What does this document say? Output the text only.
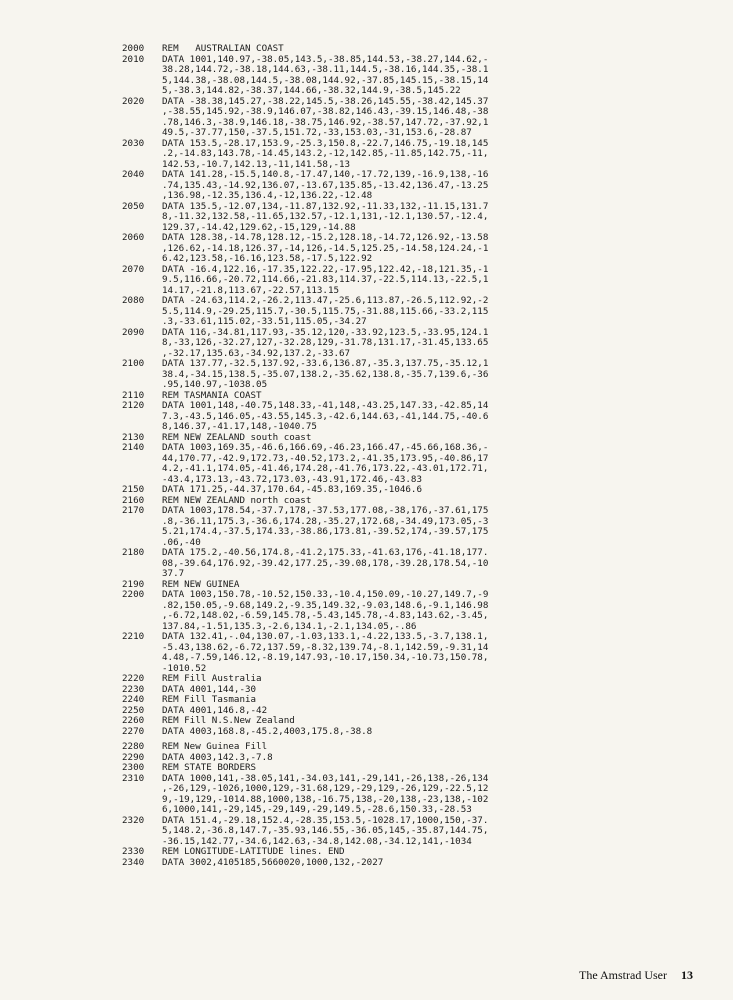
2000	REM   AUSTRALIAN COAST
2010	DATA 1001,140.97,-38.05,143.5,-38.85,144.53,-38.27,144.62,-
38.28,144.72,-38.18,144.63,-38.11,144.5,-38.16,144.35,-38.1
5,144.38,-38.08,144.5,-38.08,144.92,-37.85,145.15,-38.15,14
5,-38.3,144.82,-38.37,144.66,-38.32,144.9,-38.5,145.22
2020	DATA -38.38,145.27,-38.22,145.5,-38.26,145.55,-38.42,145.37
,-38.55,145.92,-38.9,146.07,-38.82,146.43,-39.15,146.48,-38
.78,146.3,-38.9,146.18,-38.75,146.92,-38.57,147.72,-37.92,1
49.5,-37.77,150,-37.5,151.72,-33,153.03,-31,153.6,-28.87
2030	DATA 153.5,-28.17,153.9,-25.3,150.8,-22.7,146.75,-19.18,145
.2,-14.83,143.78,-14.45,143.2,-12,142.85,-11.85,142.75,-11,
142.53,-10.7,142.13,-11,141.58,-13
2040	DATA 141.28,-15.5,140.8,-17.47,140,-17.72,139,-16.9,138,-16
.74,135.43,-14.92,136.07,-13.67,135.85,-13.42,136.47,-13.25
,136.98,-12.35,136.4,-12,136.22,-12.48
2050	DATA 135.5,-12.07,134,-11.87,132.92,-11.33,132,-11.15,131.7
8,-11.32,132.58,-11.65,132.57,-12.1,131,-12.1,130.57,-12.4,
129.37,-14.42,129.62,-15,129,-14.88
2060	DATA 128.38,-14.78,128.12,-15.2,128.18,-14.72,126.92,-13.58
,126.62,-14.18,126.37,-14,126,-14.5,125.25,-14.58,124.24,-1
6.42,123.58,-16.16,123.58,-17.5,122.92
2070	DATA -16.4,122.16,-17.35,122.22,-17.95,122.42,-18,121.35,-1
9.5,116.66,-20.72,114.66,-21.83,114.37,-22.5,114.13,-22.5,1
14.17,-21.8,113.67,-22.57,113.15
2080	DATA -24.63,114.2,-26.2,113.47,-25.6,113.87,-26.5,112.92,-2
5.5,114.9,-29.25,115.7,-30.5,115.75,-31.88,115.66,-33.2,115
.3,-33.61,115.02,-33.51,115.05,-34.27
2090	DATA 116,-34.81,117.93,-35.12,120,-33.92,123.5,-33.95,124.1
8,-33,126,-32.27,127,-32.28,129,-31.78,131.17,-31.45,133.65
,-32.17,135.63,-34.92,137.2,-33.67
2100	DATA 137.77,-32.5,137.92,-33.6,136.87,-35.3,137.75,-35.12,1
38.4,-34.15,138.5,-35.07,138.2,-35.62,138.8,-35.7,139.6,-36
.95,140.97,-1038.05
2110	REM TASMANIA COAST
2120	DATA 1001,148,-40.75,148.33,-41,148,-43.25,147.33,-42.85,14
7.3,-43.5,146.05,-43.55,145.3,-42.6,144.63,-41,144.75,-40.6
8,146.37,-41.17,148,-1040.75
2130	REM NEW ZEALAND south coast
2140	DATA 1003,169.35,-46.6,166.69,-46.23,166.47,-45.66,168.36,-
44,170.77,-42.9,172.73,-40.52,173.2,-41.35,173.95,-40.86,17
4.2,-41.1,174.05,-41.46,174.28,-41.76,173.22,-43.01,172.71,
-43.4,173.13,-43.72,173.03,-43.91,172.46,-43.83
2150	DATA 171.25,-44.37,170.64,-45.83,169.35,-1046.6
2160	REM NEW ZEALAND north coast
2170	DATA 1003,178.54,-37.7,178,-37.53,177.08,-38,176,-37.61,175
.8,-36.11,175.3,-36.6,174.28,-35.27,172.68,-34.49,173.05,-3
5.21,174.4,-37.5,174.33,-38.86,173.81,-39.52,174,-39.57,175
.06,-40
2180	DATA 175.2,-40.56,174.8,-41.2,175.33,-41.63,176,-41.18,177.
08,-39.64,176.92,-39.42,177.25,-39.08,178,-39.28,178.54,-10
37.7
2190	REM NEW GUINEA
2200	DATA 1003,150.78,-10.52,150.33,-10.4,150.09,-10.27,149.7,-9
.82,150.05,-9.68,149.2,-9.35,149.32,-9.03,148.6,-9.1,146.98
,-6.72,148.02,-6.59,145.78,-5.43,145.78,-4.83,143.62,-3.45,
137.84,-1.51,135.3,-2.6,134.1,-2.1,134.05,-.86
2210	DATA 132.41,-.04,130.07,-1.03,133.1,-4.22,133.5,-3.7,138.1,
-5.43,138.62,-6.72,137.59,-8.32,139.74,-8.1,142.59,-9.31,14
4.48,-7.59,146.12,-8.19,147.93,-10.17,150.34,-10.73,150.78,
-1010.52
2220	REM Fill Australia
2230	DATA 4001,144,-30
2240	REM Fill Tasmania
2250	DATA 4001,146.8,-42
2260	REM Fill N.S.New Zealand
2270	DATA 4003,168.8,-45.2,4003,175.8,-38.8
2280	REM New Guinea Fill
2290	DATA 4003,142.3,-7.8
2300	REM STATE BORDERS
2310	DATA 1000,141,-38.05,141,-34.03,141,-29,141,-26,138,-26,134
,-26,129,-1026,1000,129,-31.68,129,-29,129,-26,129,-22.5,12
9,-19,129,-1014.88,1000,138,-16.75,138,-20,138,-23,138,-102
6,1000,141,-29,145,-29,149,-29,149.5,-28.6,150.33,-28.53
2320	DATA 151.4,-29.18,152.4,-28.35,153.5,-1028.17,1000,150,-37.
5,148.2,-36.8,147.7,-35.93,146.55,-36.05,145,-35.87,144.75,
-36.15,142.77,-34.6,142.63,-34.8,142.08,-34.12,141,-1034
2330	REM LONGITUDE-LATITUDE lines. END
2340	DATA 3002,4105185,5660020,1000,132,-2027
The Amstrad User 13
